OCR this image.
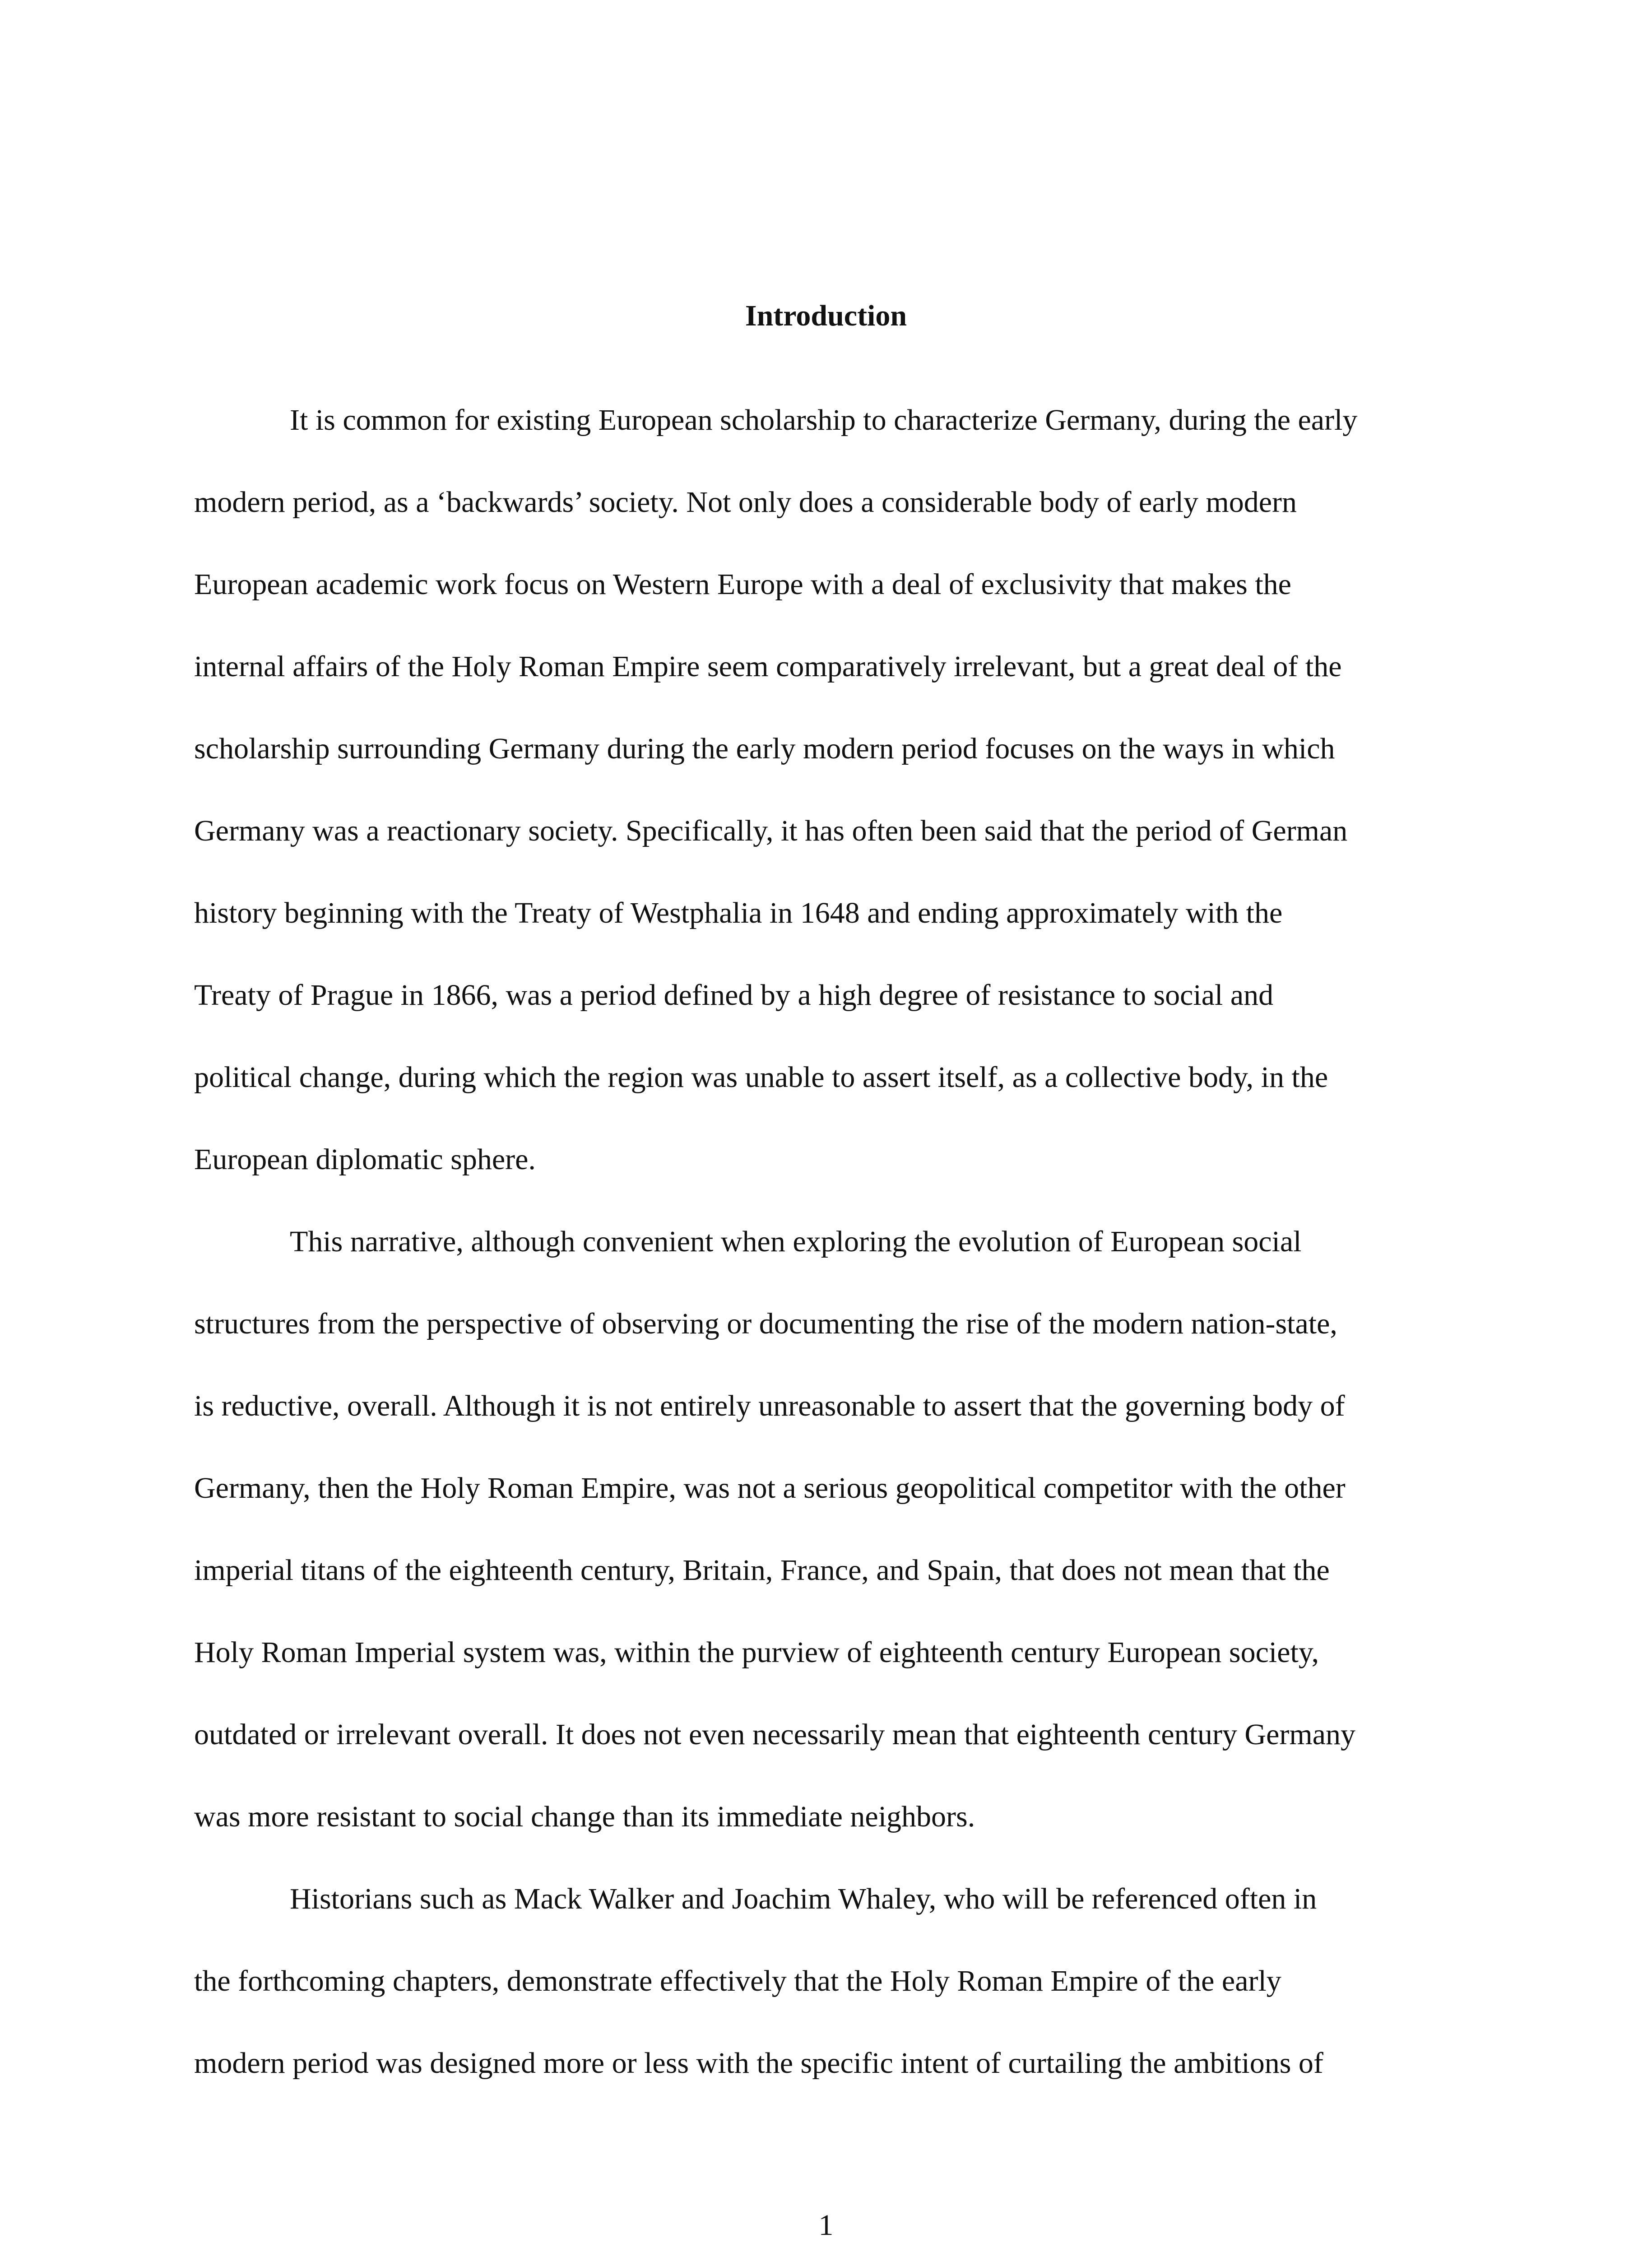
Introduction
It is common for existing European scholarship to characterize Germany, during the early
modern period, as a ‘backwards’ society. Not only does a considerable body of early modern
European academic work focus on Western Europe with a deal of exclusivity that makes the
internal affairs of the Holy Roman Empire seem comparatively irrelevant, but a great deal of the
scholarship surrounding Germany during the early modern period focuses on the ways in which
Germany was a reactionary society. Specifically, it has often been said that the period of German
history beginning with the Treaty of Westphalia in 1648 and ending approximately with the
Treaty of Prague in 1866, was a period defined by a high degree of resistance to social and
political change, during which the region was unable to assert itself, as a collective body, in the
European diplomatic sphere.
This narrative, although convenient when exploring the evolution of European social
structures from the perspective of observing or documenting the rise of the modern nation-state,
is reductive, overall. Although it is not entirely unreasonable to assert that the governing body of
Germany, then the Holy Roman Empire, was not a serious geopolitical competitor with the other
imperial titans of the eighteenth century, Britain, France, and Spain, that does not mean that the
Holy Roman Imperial system was, within the purview of eighteenth century European society,
outdated or irrelevant overall. It does not even necessarily mean that eighteenth century Germany
was more resistant to social change than its immediate neighbors.
Historians such as Mack Walker and Joachim Whaley, who will be referenced often in
the forthcoming chapters, demonstrate effectively that the Holy Roman Empire of the early
modern period was designed more or less with the specific intent of curtailing the ambitions of
1
